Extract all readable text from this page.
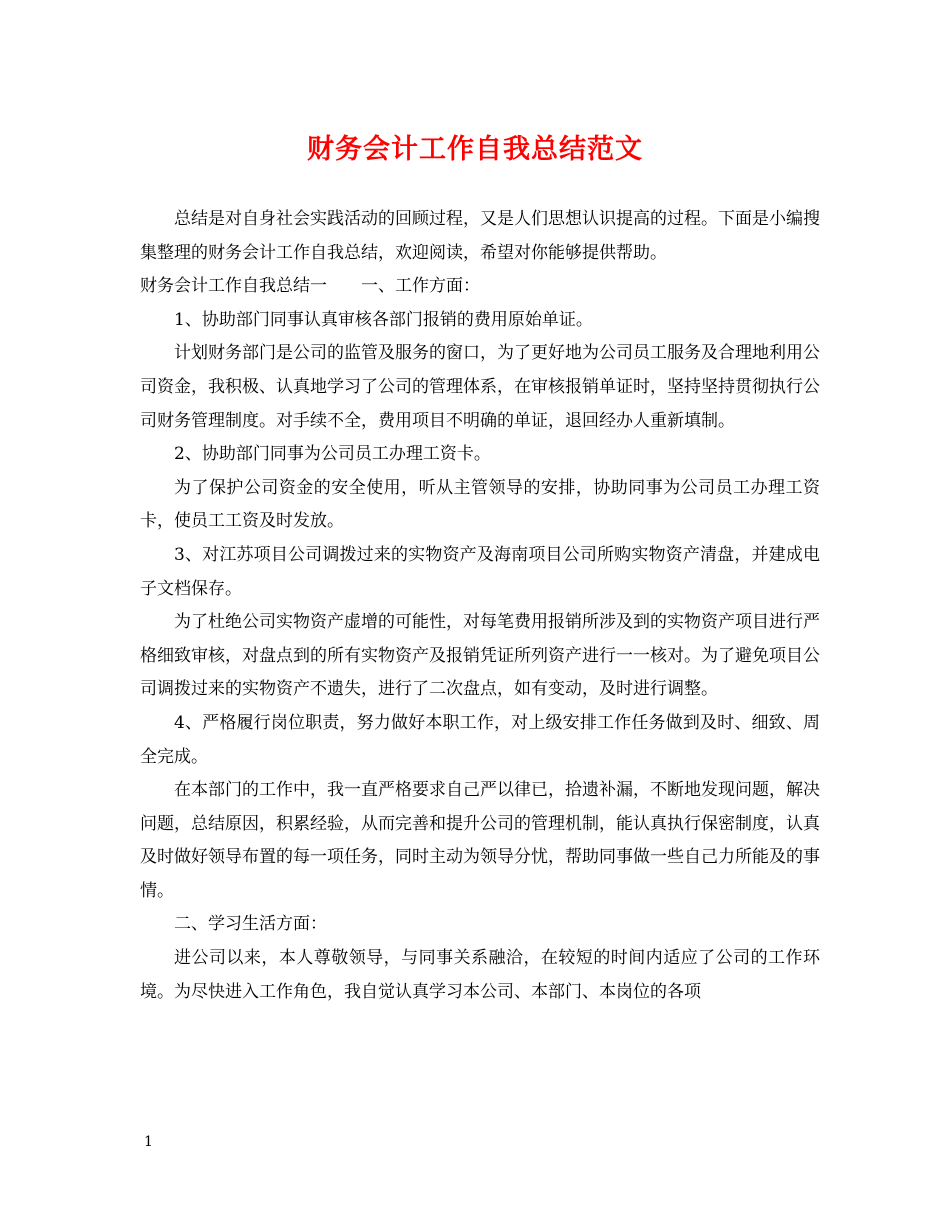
财务会计工作自我总结范文

总结是对自身社会实践活动的回顾过程，又是人们思想认识提高的过程。下面是小编搜集整理的财务会计工作自我总结，欢迎阅读，希望对你能够提供帮助。

财务会计工作自我总结一　　一、工作方面：

1、协助部门同事认真审核各部门报销的费用原始单证。

计划财务部门是公司的监管及服务的窗口，为了更好地为公司员工服务及合理地利用公司资金，我积极、认真地学习了公司的管理体系，在审核报销单证时，坚持坚持贯彻执行公司财务管理制度。对手续不全，费用项目不明确的单证，退回经办人重新填制。

2、协助部门同事为公司员工办理工资卡。

为了保护公司资金的安全使用，听从主管领导的安排，协助同事为公司员工办理工资卡，使员工工资及时发放。

3、对江苏项目公司调拨过来的实物资产及海南项目公司所购实物资产清盘，并建成电子文档保存。

为了杜绝公司实物资产虚增的可能性，对每笔费用报销所涉及到的实物资产项目进行严格细致审核，对盘点到的所有实物资产及报销凭证所列资产进行一一核对。为了避免项目公司调拨过来的实物资产不遗失，进行了二次盘点，如有变动，及时进行调整。

4、严格履行岗位职责，努力做好本职工作，对上级安排工作任务做到及时、细致、周全完成。

在本部门的工作中，我一直严格要求自己严以律已，拾遗补漏，不断地发现问题，解决问题，总结原因，积累经验，从而完善和提升公司的管理机制，能认真执行保密制度，认真及时做好领导布置的每一项任务，同时主动为领导分忧，帮助同事做一些自己力所能及的事情。

二、学习生活方面：

进公司以来，本人尊敬领导，与同事关系融洽，在较短的时间内适应了公司的工作环境。为尽快进入工作角色，我自觉认真学习本公司、本部门、本岗位的各项

1
